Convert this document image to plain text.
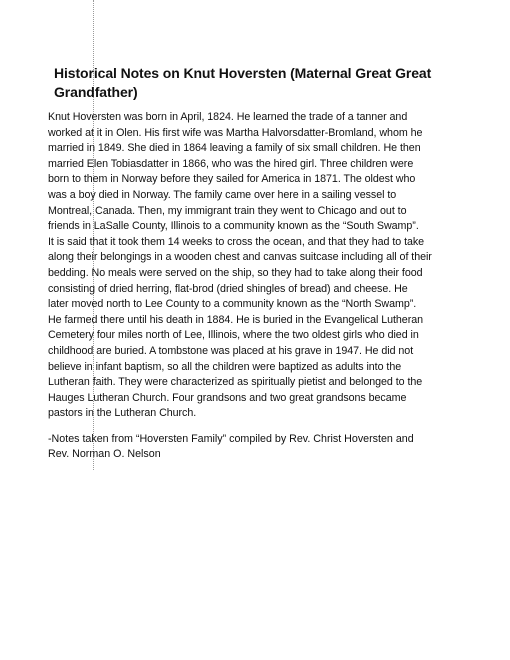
Historical Notes on Knut Hoversten (Maternal Great Great
Grandfather)

Knut Hoversten was born in April, 1824. He learned the trade of a tanner and
worked at it in Olen. His first wife was Martha Halvorsdatter-Bromland, whom he
married in 1849. She died in 1864 leaving a family of six small children. He then
married Elen Tobiasdatter in 1866, who was the hired girl. Three children were
born to them in Norway before they sailed for America in 1871. The oldest who
was a boy died in Norway. The family came over here in a sailing vessel to
Montreal, Canada. Then, my immigrant train they went to Chicago and out to
friends in LaSalle County, Illinois to a community known as the “South Swamp”.
It is said that it took them 14 weeks to cross the ocean, and that they had to take
along their belongings in a wooden chest and canvas suitcase including all of their
bedding. No meals were served on the ship, so they had to take along their food
consisting of dried herring, flat-brod (dried shingles of bread) and cheese. He
later moved north to Lee County to a community known as the “North Swamp”.
He farmed there until his death in 1884. He is buried in the Evangelical Lutheran
Cemetery four miles north of Lee, Illinois, where the two oldest girls who died in
childhood are buried. A tombstone was placed at his grave in 1947. He did not
believe in infant baptism, so all the children were baptized as adults into the
Lutheran faith. They were characterized as spiritually pietist and belonged to the
Hauges Lutheran Church. Four grandsons and two great grandsons became
pastors in the Lutheran Church.

-Notes taken from “Hoversten Family” compiled by Rev. Christ Hoversten and
Rev. Norman O. Nelson
